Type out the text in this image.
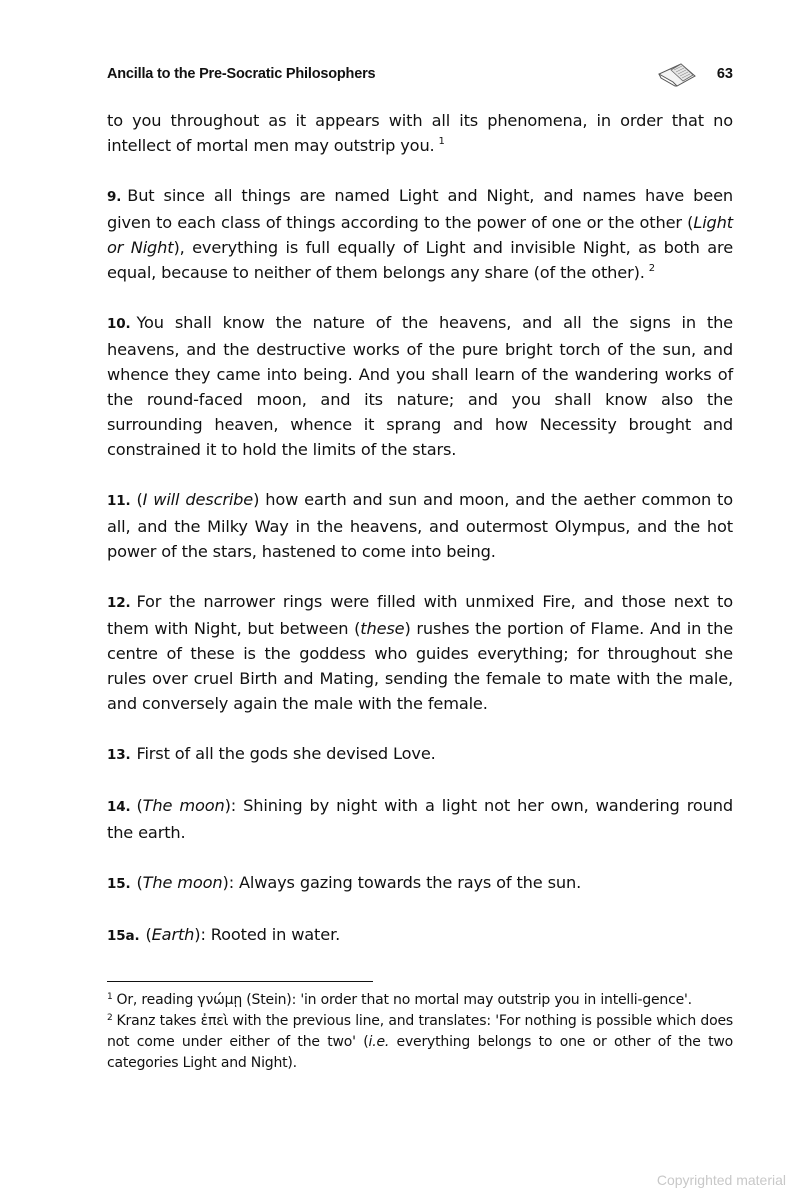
Ancilla to the Pre-Socratic Philosophers	63

to you throughout as it appears with all its phenomena, in order that no intellect of mortal men may outstrip you. $^1$

9. But since all things are named Light and Night, and names have been given to each class of things according to the power of one or the other (Light or Night), everything is full equally of Light and invisible Night, as both are equal, because to neither of them belongs any share (of the other). $^2$

10. You shall know the nature of the heavens, and all the signs in the heavens, and the destructive works of the pure bright torch of the sun, and whence they came into being. And you shall learn of the wandering works of the round-faced moon, and its nature; and you shall know also the surrounding heaven, whence it sprang and how Necessity brought and constrained it to hold the limits of the stars.

11. (I will describe) how earth and sun and moon, and the aether common to all, and the Milky Way in the heavens, and outermost Olympus, and the hot power of the stars, hastened to come into being.

12. For the narrower rings were filled with unmixed Fire, and those next to them with Night, but between (these) rushes the portion of Flame. And in the centre of these is the goddess who guides everything; for throughout she rules over cruel Birth and Mating, sending the female to mate with the male, and conversely again the male with the female.

13. First of all the gods she devised Love.

14. (The moon): Shining by night with a light not her own, wandering round the earth.

15. (The moon): Always gazing towards the rays of the sun.

15a. (Earth): Rooted in water.

$^1$ Or, reading γνώμῃ (Stein): 'in order that no mortal may outstrip you in intelli-gence'.

$^2$ Kranz takes ἐπεὶ with the previous line, and translates: 'For nothing is possible which does not come under either of the two' (i.e. everything belongs to one or other of the two categories Light and Night).

Copyrighted material
